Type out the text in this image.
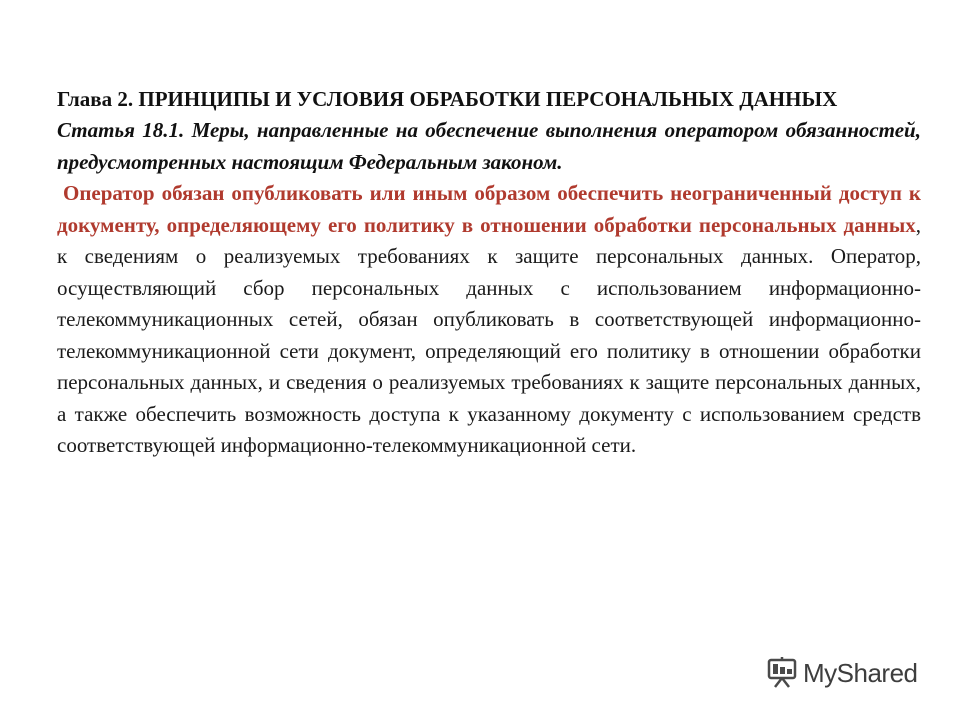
Глава 2. ПРИНЦИПЫ И УСЛОВИЯ ОБРАБОТКИ ПЕРСОНАЛЬНЫХ ДАННЫХ

Статья 18.1. Меры, направленные на обеспечение выполнения оператором обязанностей, предусмотренных настоящим Федеральным законом.

Оператор обязан опубликовать или иным образом обеспечить неограниченный доступ к документу, определяющему его политику в отношении обработки персональных данных, к сведениям о реализуемых требованиях к защите персональных данных. Оператор, осуществляющий сбор персональных данных с использованием информационно-телекоммуникационных сетей, обязан опубликовать в соответствующей информационно-телекоммуникационной сети документ, определяющий его политику в отношении обработки персональных данных, и сведения о реализуемых требованиях к защите персональных данных, а также обеспечить возможность доступа к указанному документу с использованием средств соответствующей информационно-телекоммуникационной сети.

MyShared
